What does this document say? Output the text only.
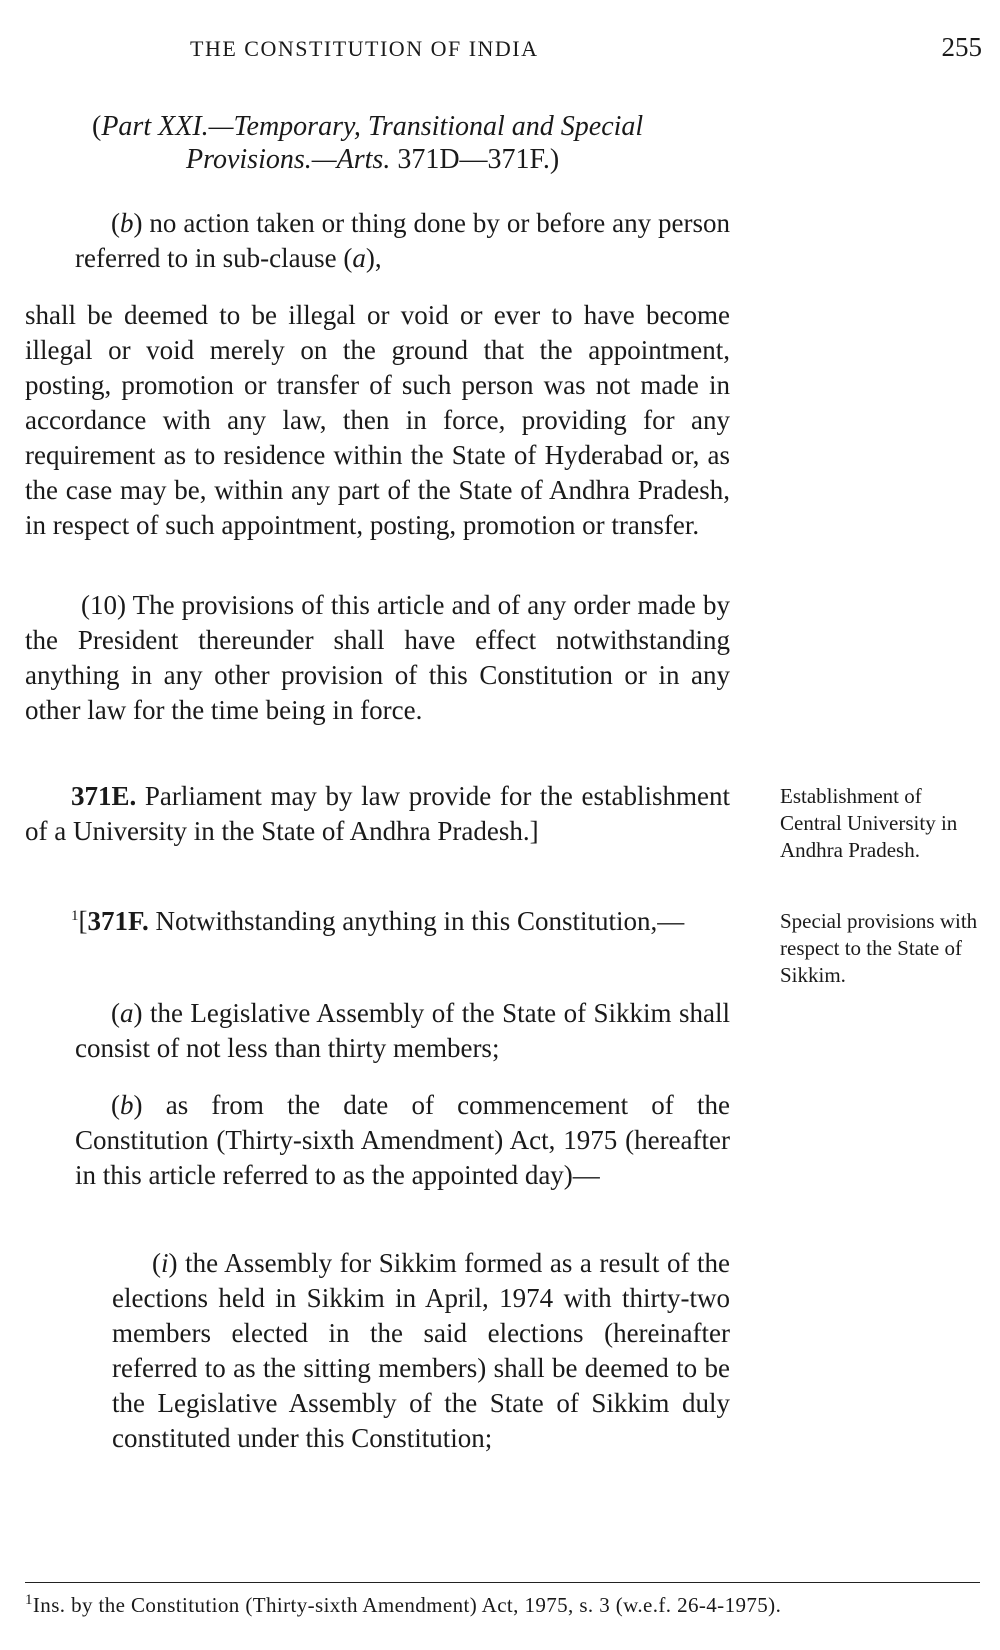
THE CONSTITUTION OF INDIA	255
(Part XXI.—Temporary, Transitional and Special
Provisions.—Arts. 371D—371F.)

(b) no action taken or thing done by or before any person referred to in sub-clause (a),

shall be deemed to be illegal or void or ever to have become illegal or void merely on the ground that the appointment, posting, promotion or transfer of such person was not made in accordance with any law, then in force, providing for any requirement as to residence within the State of Hyderabad or, as the case may be, within any part of the State of Andhra Pradesh, in respect of such appointment, posting, promotion or transfer.

(10) The provisions of this article and of any order made by the President thereunder shall have effect notwithstanding anything in any other provision of this Constitution or in any other law for the time being in force.

371E. Parliament may by law provide for the establishment of a University in the State of Andhra Pradesh.]

$^1$[371F. Notwithstanding anything in this Constitution,—

(a) the Legislative Assembly of the State of Sikkim shall consist of not less than thirty members;

(b) as from the date of commencement of the Constitution (Thirty-sixth Amendment) Act, 1975 (hereafter in this article referred to as the appointed day)—

(i) the Assembly for Sikkim formed as a result of the elections held in Sikkim in April, 1974 with thirty-two members elected in the said elections (hereinafter referred to as the sitting members) shall be deemed to be the Legislative Assembly of the State of Sikkim duly constituted under this Constitution;

Establishment of Central University in Andhra Pradesh.
Special provisions with respect to the State of Sikkim.
$^1$Ins. by the Constitution (Thirty-sixth Amendment) Act, 1975, s. 3 (w.e.f. 26-4-1975).
